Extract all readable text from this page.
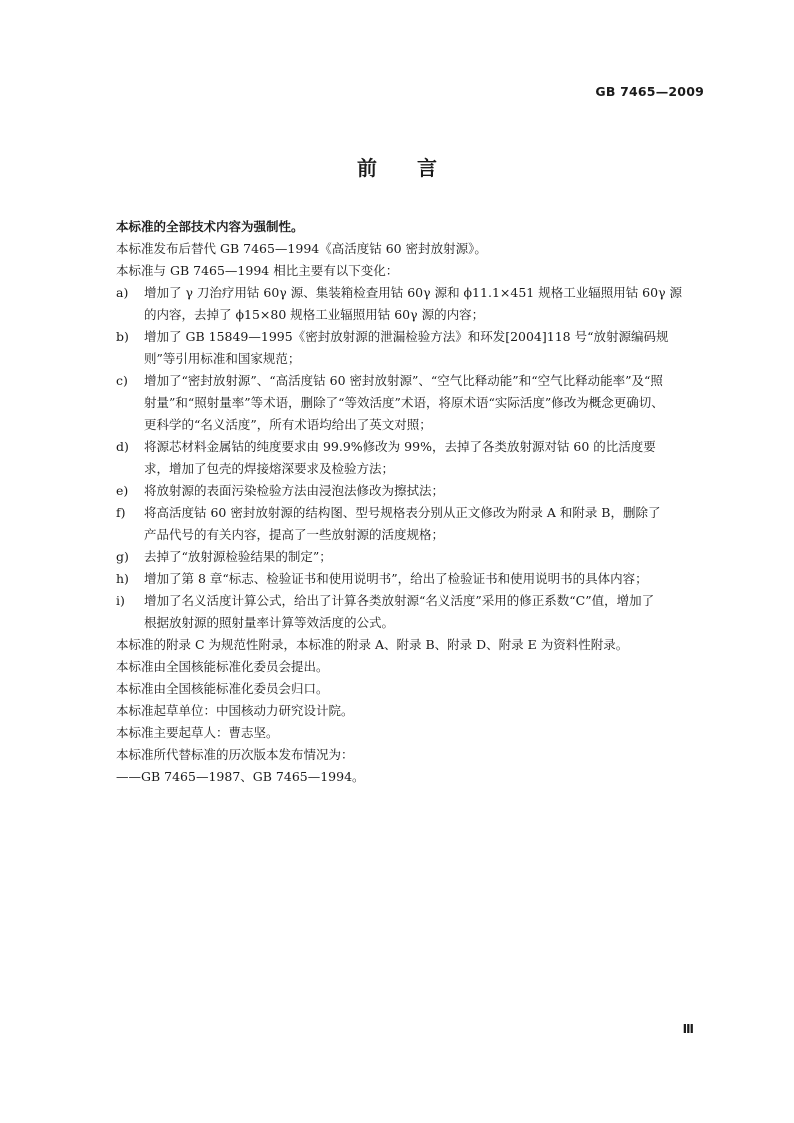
GB 7465—2009
前言

本标准的全部技术内容为强制性。

本标准发布后替代 GB 7465—1994《高活度钴 60 密封放射源》。

本标准与 GB 7465—1994 相比主要有以下变化：

a)	增加了 γ 刀治疗用钴 60γ 源、集装箱检查用钴 60γ 源和 ϕ11.1×451 规格工业辐照用钴 60γ 源
的内容，去掉了 ϕ15×80 规格工业辐照用钴 60γ 源的内容；
b)	增加了 GB 15849—1995《密封放射源的泄漏检验方法》和环发[2004]118 号“放射源编码规
则”等引用标准和国家规范；
c)	增加了“密封放射源”、“高活度钴 60 密封放射源”、“空气比释动能”和“空气比释动能率”及“照
射量”和“照射量率”等术语，删除了“等效活度”术语，将原术语“实际活度”修改为概念更确切、
更科学的“名义活度”，所有术语均给出了英文对照；
d)	将源芯材料金属钴的纯度要求由 99.9%修改为 99%，去掉了各类放射源对钴 60 的比活度要
求，增加了包壳的焊接熔深要求及检验方法；
e)	将放射源的表面污染检验方法由浸泡法修改为擦拭法；
f)	将高活度钴 60 密封放射源的结构图、型号规格表分别从正文修改为附录 A 和附录 B，删除了
产品代号的有关内容，提高了一些放射源的活度规格；
g)	去掉了“放射源检验结果的制定”；
h)	增加了第 8 章“标志、检验证书和使用说明书”，给出了检验证书和使用说明书的具体内容；
i)	增加了名义活度计算公式，给出了计算各类放射源“名义活度”采用的修正系数“C”值，增加了
根据放射源的照射量率计算等效活度的公式。

本标准的附录 C 为规范性附录，本标准的附录 A、附录 B、附录 D、附录 E 为资料性附录。

本标准由全国核能标准化委员会提出。

本标准由全国核能标准化委员会归口。

本标准起草单位：中国核动力研究设计院。

本标准主要起草人：曹志坚。

本标准所代替标准的历次版本发布情况为：

——GB 7465—1987、GB 7465—1994。

Ⅲ
